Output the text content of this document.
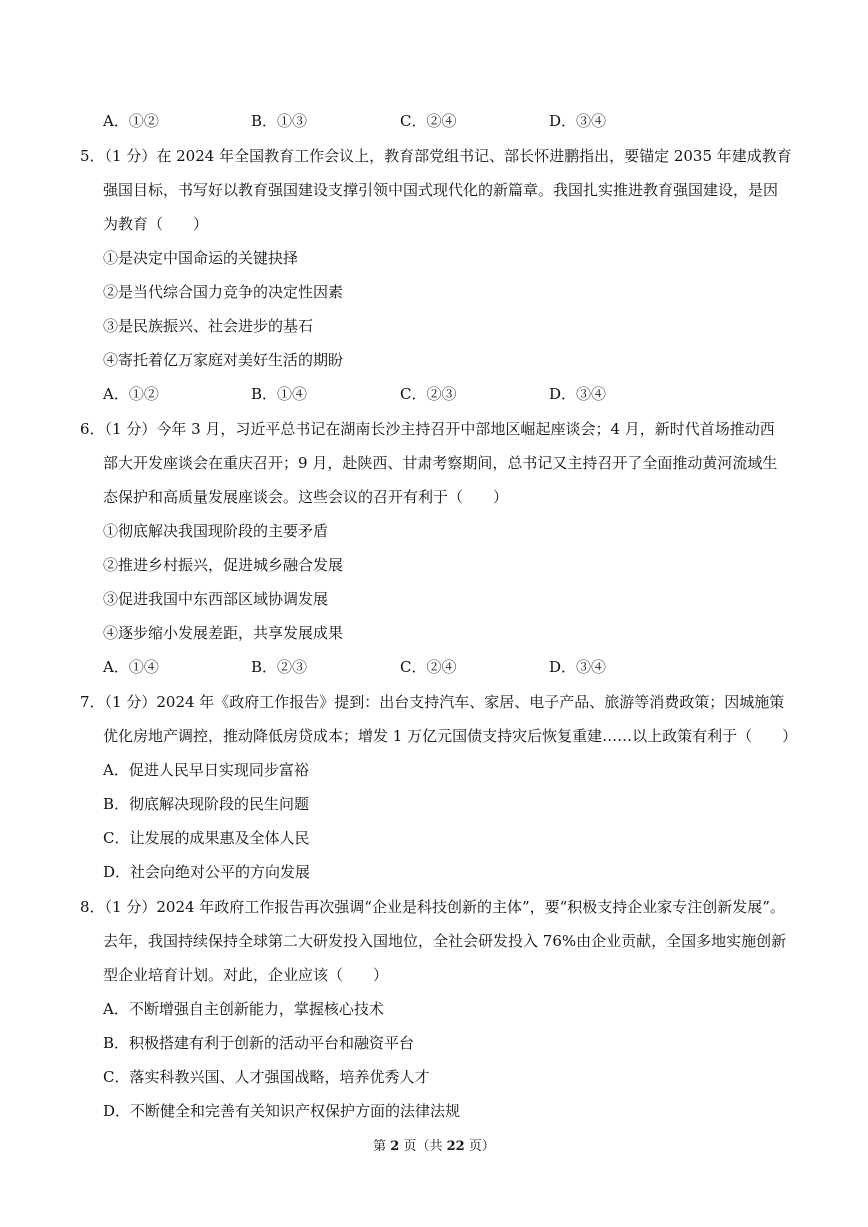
A．①②	B．①③	C．②④	D．③④
5．（1 分）在 2024 年全国教育工作会议上，教育部党组书记、部长怀进鹏指出，要锚定 2035 年建成教育
强国目标，书写好以教育强国建设支撑引领中国式现代化的新篇章。我国扎实推进教育强国建设，是因
为教育（　　）
①是决定中国命运的关键抉择
②是当代综合国力竞争的决定性因素
③是民族振兴、社会进步的基石
④寄托着亿万家庭对美好生活的期盼
A．①②	B．①④	C．②③	D．③④
6．（1 分）今年 3 月，习近平总书记在湖南长沙主持召开中部地区崛起座谈会；4 月，新时代首场推动西
部大开发座谈会在重庆召开；9 月，赴陕西、甘肃考察期间，总书记又主持召开了全面推动黄河流域生
态保护和高质量发展座谈会。这些会议的召开有利于（　　）
①彻底解决我国现阶段的主要矛盾
②推进乡村振兴，促进城乡融合发展
③促进我国中东西部区域协调发展
④逐步缩小发展差距，共享发展成果
A．①④	B．②③	C．②④	D．③④
7．（1 分）2024 年《政府工作报告》提到：出台支持汽车、家居、电子产品、旅游等消费政策；因城施策
优化房地产调控，推动降低房贷成本；增发 1 万亿元国债支持灾后恢复重建……以上政策有利于（　　）
A．促进人民早日实现同步富裕
B．彻底解决现阶段的民生问题
C．让发展的成果惠及全体人民
D．社会向绝对公平的方向发展
8．（1 分）2024 年政府工作报告再次强调“企业是科技创新的主体”，要“积极支持企业家专注创新发展”。
去年，我国持续保持全球第二大研发投入国地位，全社会研发投入 76%由企业贡献，全国多地实施创新
型企业培育计划。对此，企业应该（　　）
A．不断增强自主创新能力，掌握核心技术
B．积极搭建有利于创新的活动平台和融资平台
C．落实科教兴国、人才强国战略，培养优秀人才
D．不断健全和完善有关知识产权保护方面的法律法规
第 2 页（共 22 页）
